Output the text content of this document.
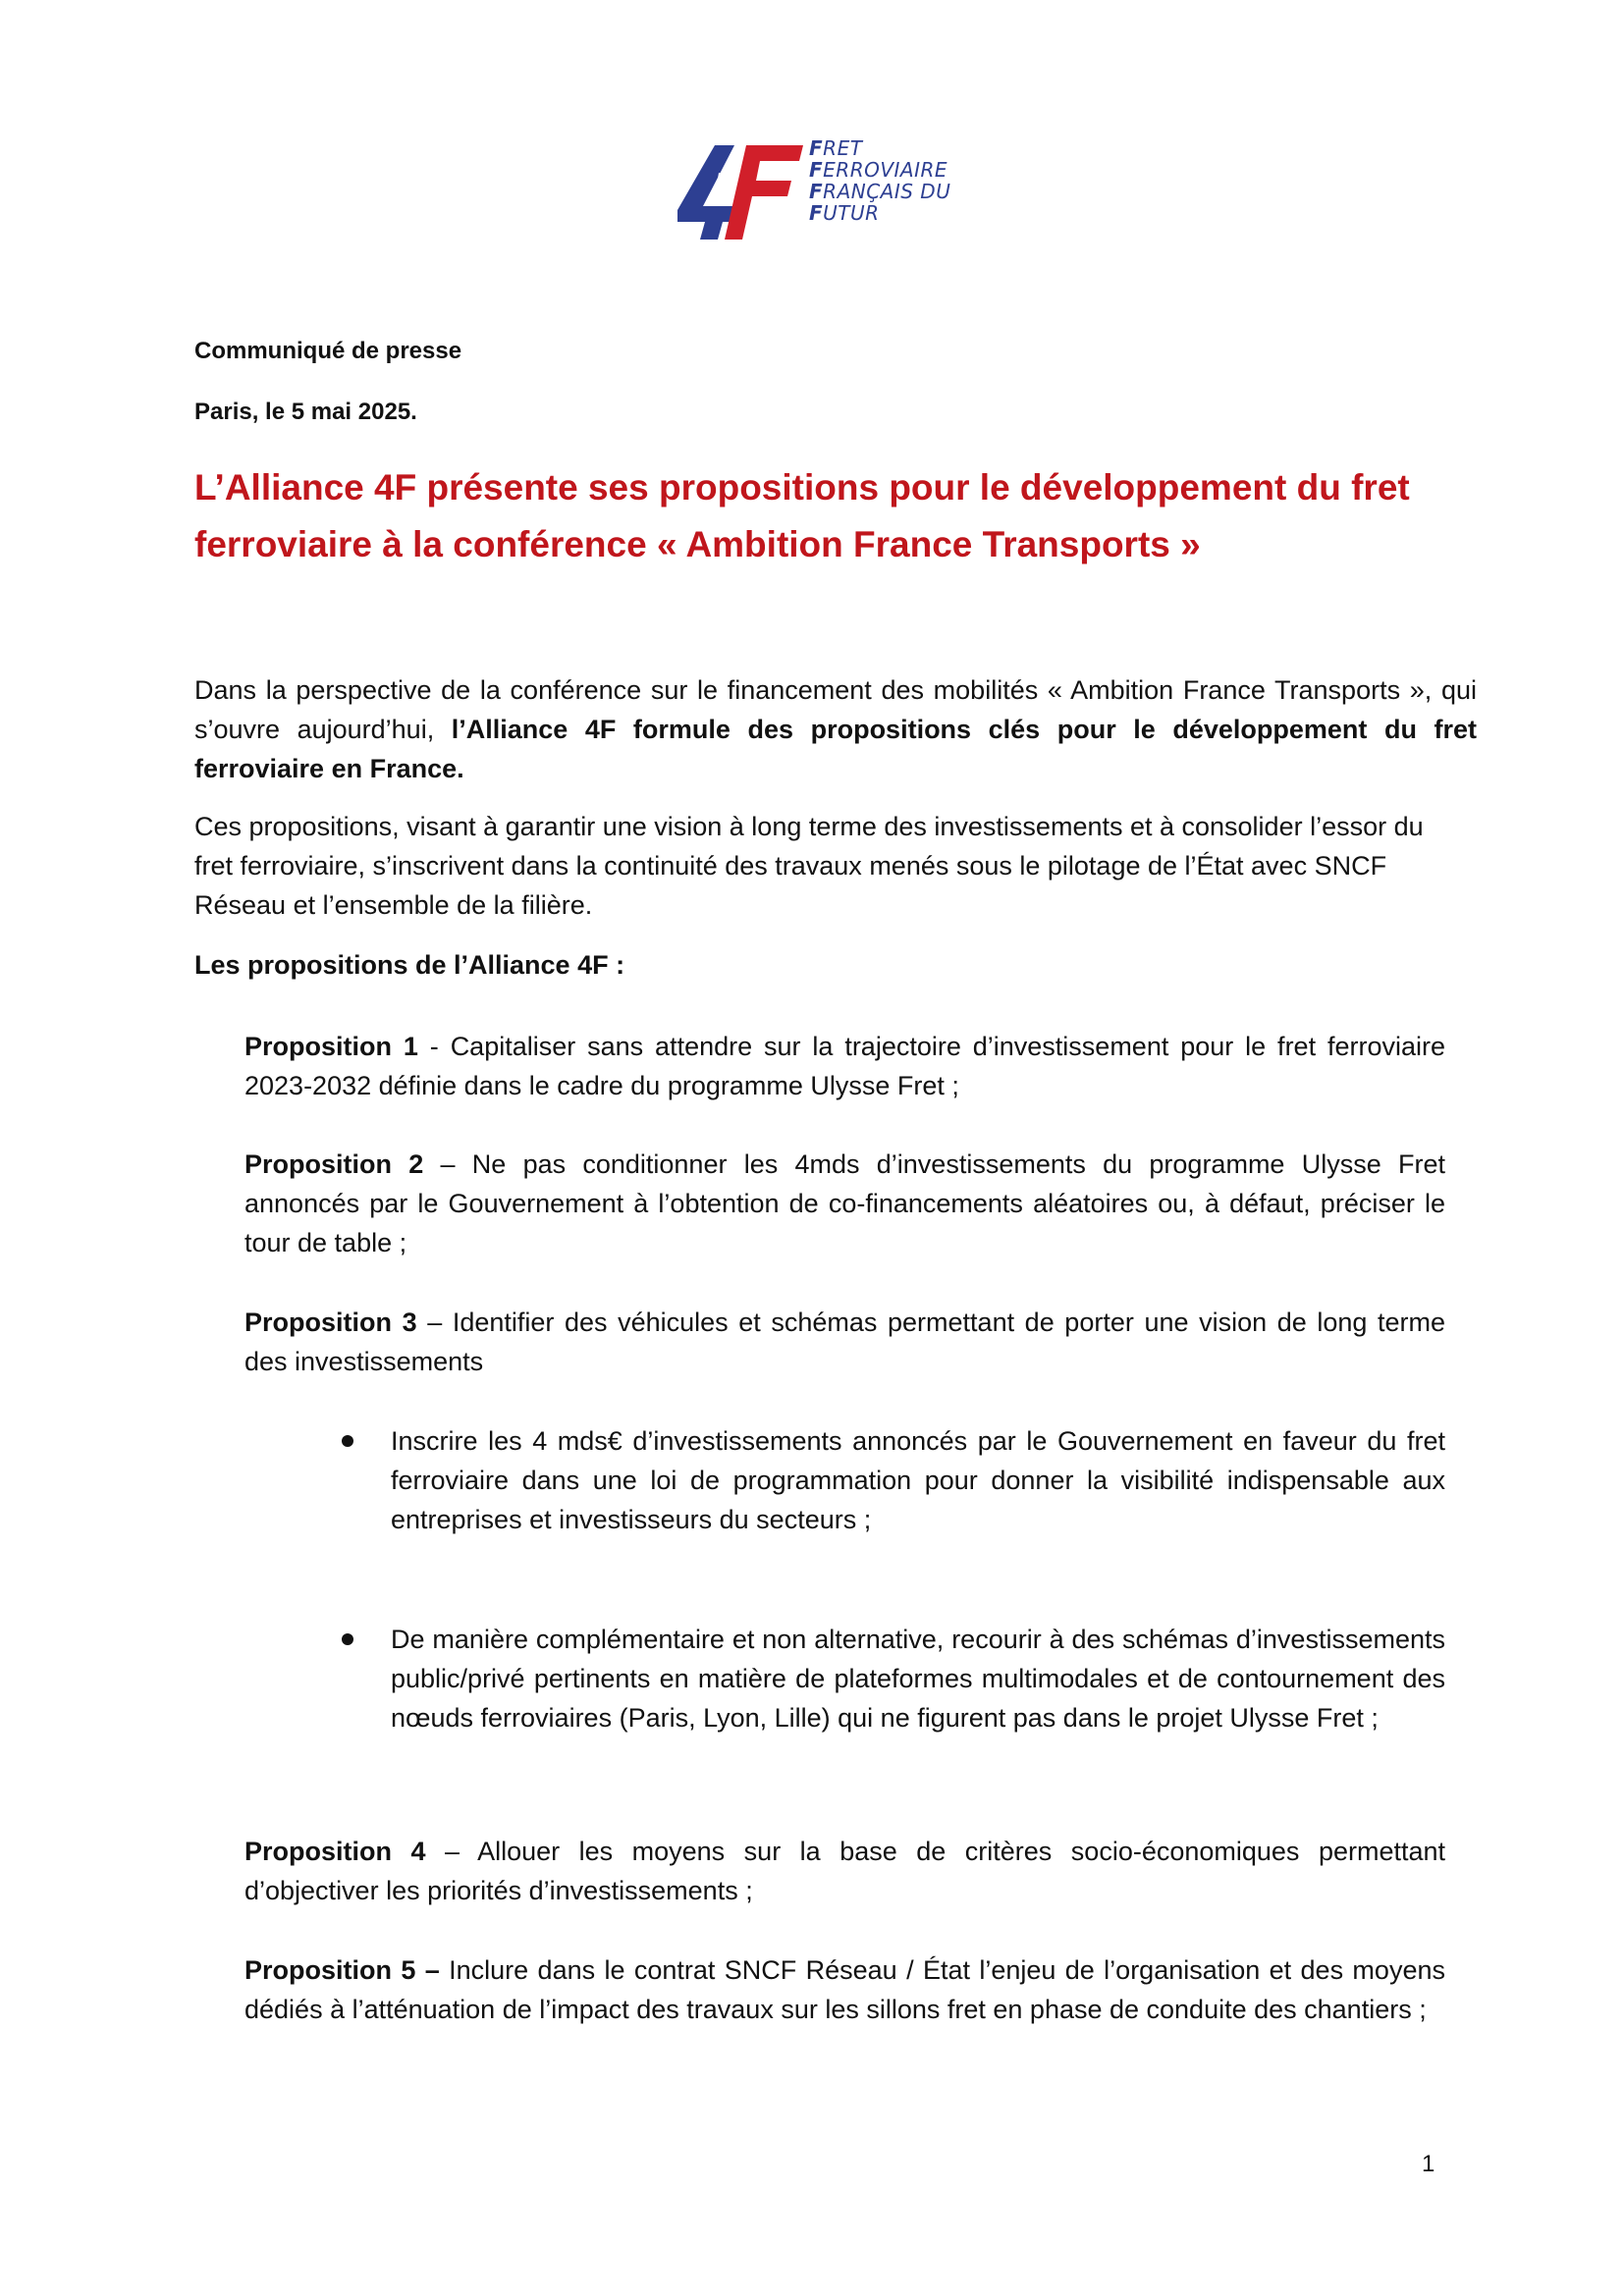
FRET
FERROVIAIRE
FRANÇAIS DU
FUTUR

Communiqué de presse

Paris, le 5 mai 2025.

L’Alliance 4F présente ses propositions pour le développement du fret ferroviaire à la conférence « Ambition France Transports »

Dans la perspective de la conférence sur le financement des mobilités « Ambition France Transports », qui s’ouvre aujourd’hui, l’Alliance 4F formule des propositions clés pour le développement du fret ferroviaire en France.

Ces propositions, visant à garantir une vision à long terme des investissements et à consolider l’essor du fret ferroviaire, s’inscrivent dans la continuité des travaux menés sous le pilotage de l’État avec SNCF Réseau et l’ensemble de la filière.

Les propositions de l’Alliance 4F :

Proposition 1 - Capitaliser sans attendre sur la trajectoire d’investissement pour le fret ferroviaire 2023-2032 définie dans le cadre du programme Ulysse Fret ;

Proposition 2 – Ne pas conditionner les 4mds d’investissements du programme Ulysse Fret annoncés par le Gouvernement à l’obtention de co-financements aléatoires ou, à défaut, préciser le tour de table ;

Proposition 3 – Identifier des véhicules et schémas permettant de porter une vision de long terme des investissements

Inscrire les 4 mds€ d’investissements annoncés par le Gouvernement en faveur du fret ferroviaire dans une loi de programmation pour donner la visibilité indispensable aux entreprises et investisseurs du secteurs ;

De manière complémentaire et non alternative, recourir à des schémas d’investissements public/privé pertinents en matière de plateformes multimodales et de contournement des nœuds ferroviaires (Paris, Lyon, Lille) qui ne figurent pas dans le projet Ulysse Fret ;

Proposition 4 – Allouer les moyens sur la base de critères socio-économiques permettant d’objectiver les priorités d’investissements ;

Proposition 5 – Inclure dans le contrat SNCF Réseau / État l’enjeu de l’organisation et des moyens dédiés à l’atténuation de l’impact des travaux sur les sillons fret en phase de conduite des chantiers ;

1
